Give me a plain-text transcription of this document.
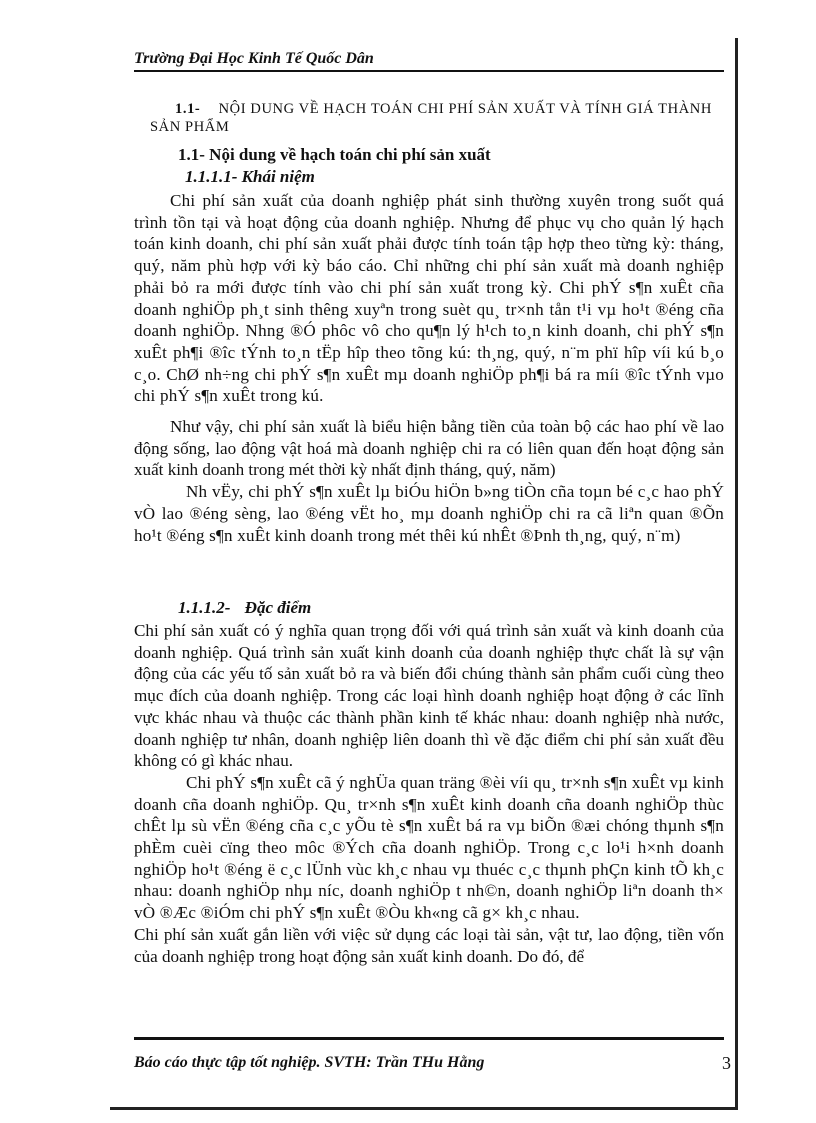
Trường Đại Học Kinh Tế Quốc Dân
1.1- NỘI DUNG VỀ HẠCH TOÁN CHI PHÍ SẢN XUẤT VÀ TÍNH GIÁ THÀNH SẢN PHẨM
1.1- Nội dung về hạch toán chi phí sản xuất
1.1.1.1- Khái niệm

Chi phí sản xuất của doanh nghiệp phát sinh thường xuyên trong suốt quá trình tồn tại và hoạt động của doanh nghiệp. Nhưng để phục vụ cho quản lý hạch toán kinh doanh, chi phí sản xuất phải được tính toán tập hợp theo từng kỳ: tháng, quý, năm phù hợp với kỳ báo cáo. Chỉ những chi phí sản xuất mà doanh nghiệp phải bỏ ra mới được tính vào chi phí sản xuất trong kỳ. Chi phÝ s¶n xuÊt cña doanh nghiÖp ph¸t sinh thêng xuyªn trong suèt qu¸ tr×nh tån t¹i vµ ho¹t ®éng cña doanh nghiÖp. Nhng ®Ó phôc vô cho qu¶n lý h¹ch to¸n kinh doanh, chi phÝ s¶n xuÊt ph¶i ®îc tÝnh to¸n tËp hîp theo tõng kú: th¸ng, quý, n¨m phï hîp víi kú b¸o c¸o. ChØ nh÷ng chi phÝ s¶n xuÊt mµ doanh nghiÖp ph¶i bá ra míi ®îc tÝnh vµo chi phÝ s¶n xuÊt trong kú.

Như vậy, chi phí sản xuất là biểu hiện bằng tiền của toàn bộ các hao phí về lao động sống, lao động vật hoá mà doanh nghiệp chi ra có liên quan đến hoạt động sản xuất kinh doanh trong mét thời kỳ nhất định tháng, quý, năm)

Nh vËy, chi phÝ s¶n xuÊt lµ biÓu hiÖn b»ng tiÒn cña toµn bé c¸c hao phÝ vÒ lao ®éng sèng, lao ®éng vËt ho¸ mµ doanh nghiÖp chi ra cã liªn quan ®Õn ho¹t ®éng s¶n xuÊt kinh doanh trong mét thêi kú nhÊt ®Þnh th¸ng, quý, n¨m)

1.1.1.2- Đặc điểm

Chi phí sản xuất có ý nghĩa quan trọng đối với quá trình sản xuất và kinh doanh của doanh nghiệp. Quá trình sản xuất kinh doanh của doanh nghiệp thực chất là sự vận động của các yếu tố sản xuất bỏ ra và biến đổi chúng thành sản phẩm cuối cùng theo mục đích của doanh nghiệp. Trong các loại hình doanh nghiệp hoạt động ở các lĩnh vực khác nhau và thuộc các thành phần kinh tế khác nhau: doanh nghiệp nhà nước, doanh nghiệp tư nhân, doanh nghiệp liên doanh thì về đặc điểm chi phí sản xuất đều không có gì khác nhau.

Chi phÝ s¶n xuÊt cã ý nghÜa quan träng ®èi víi qu¸ tr×nh s¶n xuÊt vµ kinh doanh cña doanh nghiÖp. Qu¸ tr×nh s¶n xuÊt kinh doanh cña doanh nghiÖp thùc chÊt lµ sù vËn ®éng cña c¸c yÕu tè s¶n xuÊt bá ra vµ biÕn ®æi chóng thµnh s¶n phÈm cuèi cïng theo môc ®Ých cña doanh nghiÖp. Trong c¸c lo¹i h×nh doanh nghiÖp ho¹t ®éng ë c¸c lÜnh vùc kh¸c nhau vµ thuéc c¸c thµnh phÇn kinh tÕ kh¸c nhau: doanh nghiÖp nhµ níc, doanh nghiÖp t nh©n, doanh nghiÖp liªn doanh th× vÒ ®Æc ®iÓm chi phÝ s¶n xuÊt ®Òu kh«ng cã g× kh¸c nhau.

Chi phí sản xuất gắn liền với việc sử dụng các loại tài sản, vật tư, lao động, tiền vốn của doanh nghiệp trong hoạt động sản xuất kinh doanh. Do đó, để

Báo cáo thực tập tốt nghiệp. SVTH: Trần THu Hằng	3
